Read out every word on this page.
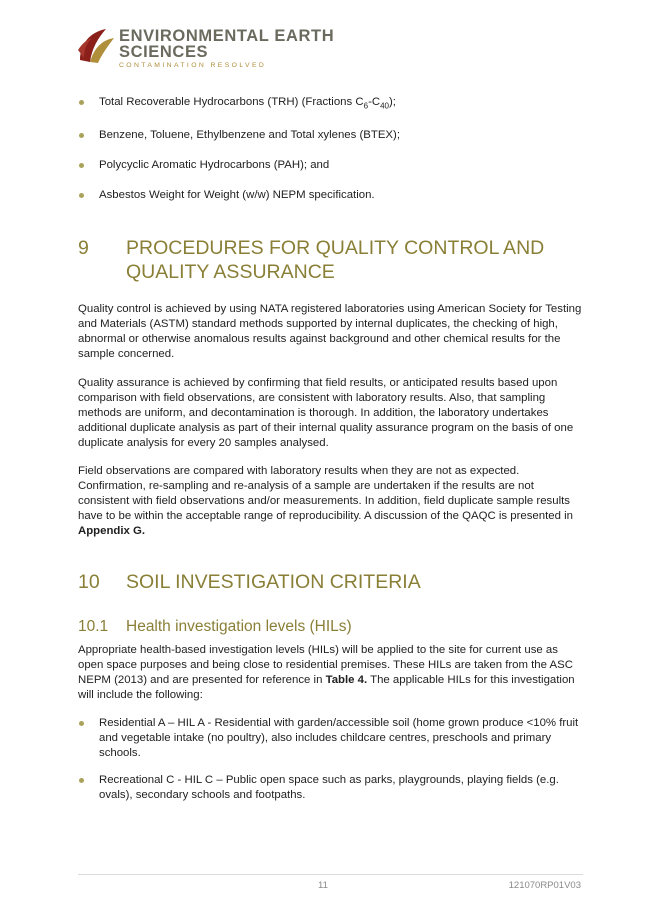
ENVIRONMENTAL EARTH
SCIENCES
CONTAMINATION RESOLVED
Total Recoverable Hydrocarbons (TRH) (Fractions $C_6-C_{40}$);
Benzene, Toluene, Ethylbenzene and Total xylenes (BTEX);
Polycyclic Aromatic Hydrocarbons (PAH); and
Asbestos Weight for Weight (w/w) NEPM specification.
9 PROCEDURES FOR QUALITY CONTROL AND
QUALITY ASSURANCE

Quality control is achieved by using NATA registered laboratories using American Society for Testing and Materials (ASTM) standard methods supported by internal duplicates, the checking of high, abnormal or otherwise anomalous results against background and other chemical results for the sample concerned.

Quality assurance is achieved by confirming that field results, or anticipated results based upon comparison with field observations, are consistent with laboratory results. Also, that sampling methods are uniform, and decontamination is thorough. In addition, the laboratory undertakes additional duplicate analysis as part of their internal quality assurance program on the basis of one duplicate analysis for every 20 samples analysed.

Field observations are compared with laboratory results when they are not as expected. Confirmation, re-sampling and re-analysis of a sample are undertaken if the results are not consistent with field observations and/or measurements. In addition, field duplicate sample results have to be within the acceptable range of reproducibility. A discussion of the QAQC is presented in Appendix G.

10 SOIL INVESTIGATION CRITERIA
10.1 Health investigation levels (HILs)

Appropriate health-based investigation levels (HILs) will be applied to the site for current use as open space purposes and being close to residential premises. These HILs are taken from the ASC NEPM (2013) and are presented for reference in Table 4. The applicable HILs for this investigation will include the following:

Residential A – HIL A - Residential with garden/accessible soil (home grown produce <10% fruit and vegetable intake (no poultry), also includes childcare centres, preschools and primary schools.
Recreational C - HIL C – Public open space such as parks, playgrounds, playing fields (e.g. ovals), secondary schools and footpaths.
11	121070RP01V03
